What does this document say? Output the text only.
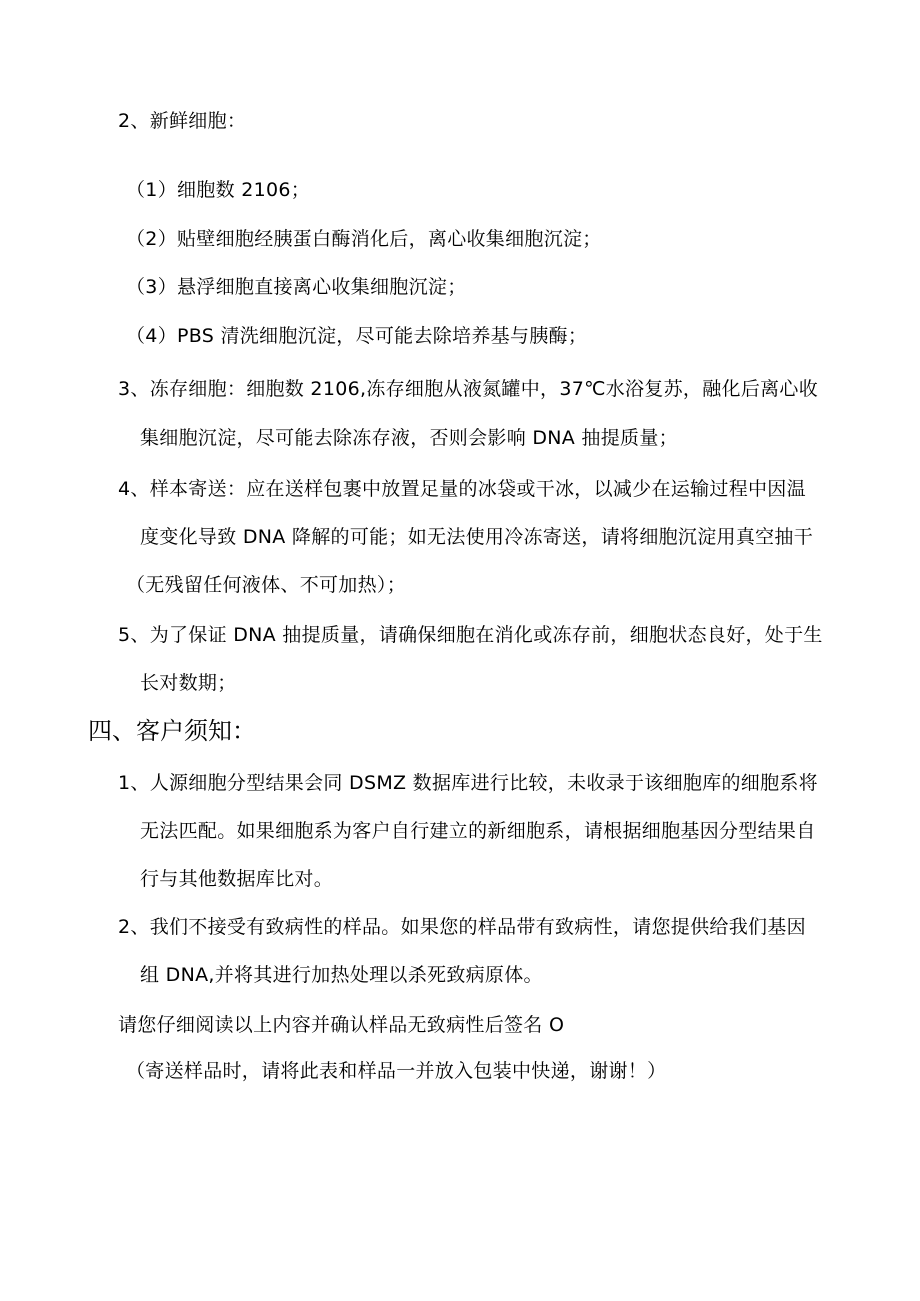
2、新鲜细胞：
（1）细胞数 2106；
（2）贴壁细胞经胰蛋白酶消化后，离心收集细胞沉淀；
（3）悬浮细胞直接离心收集细胞沉淀；
（4）PBS 清洗细胞沉淀，尽可能去除培养基与胰酶；
3、冻存细胞：细胞数 2106,冻存细胞从液氮罐中，37℃水浴复苏，融化后离心收
集细胞沉淀，尽可能去除冻存液，否则会影响 DNA 抽提质量；
4、样本寄送：应在送样包裹中放置足量的冰袋或干冰，以减少在运输过程中因温
度变化导致 DNA 降解的可能；如无法使用冷冻寄送，请将细胞沉淀用真空抽干
（无残留任何液体、不可加热）；
5、为了保证 DNA 抽提质量，请确保细胞在消化或冻存前，细胞状态良好，处于生
长对数期；
四、客户须知：
1、人源细胞分型结果会同 DSMZ 数据库进行比较，未收录于该细胞库的细胞系将
无法匹配。如果细胞系为客户自行建立的新细胞系，请根据细胞基因分型结果自
行与其他数据库比对。
2、我们不接受有致病性的样品。如果您的样品带有致病性，请您提供给我们基因
组 DNA,并将其进行加热处理以杀死致病原体。
请您仔细阅读以上内容并确认样品无致病性后签名 O
（寄送样品时，请将此表和样品一并放入包装中快递，谢谢！）
